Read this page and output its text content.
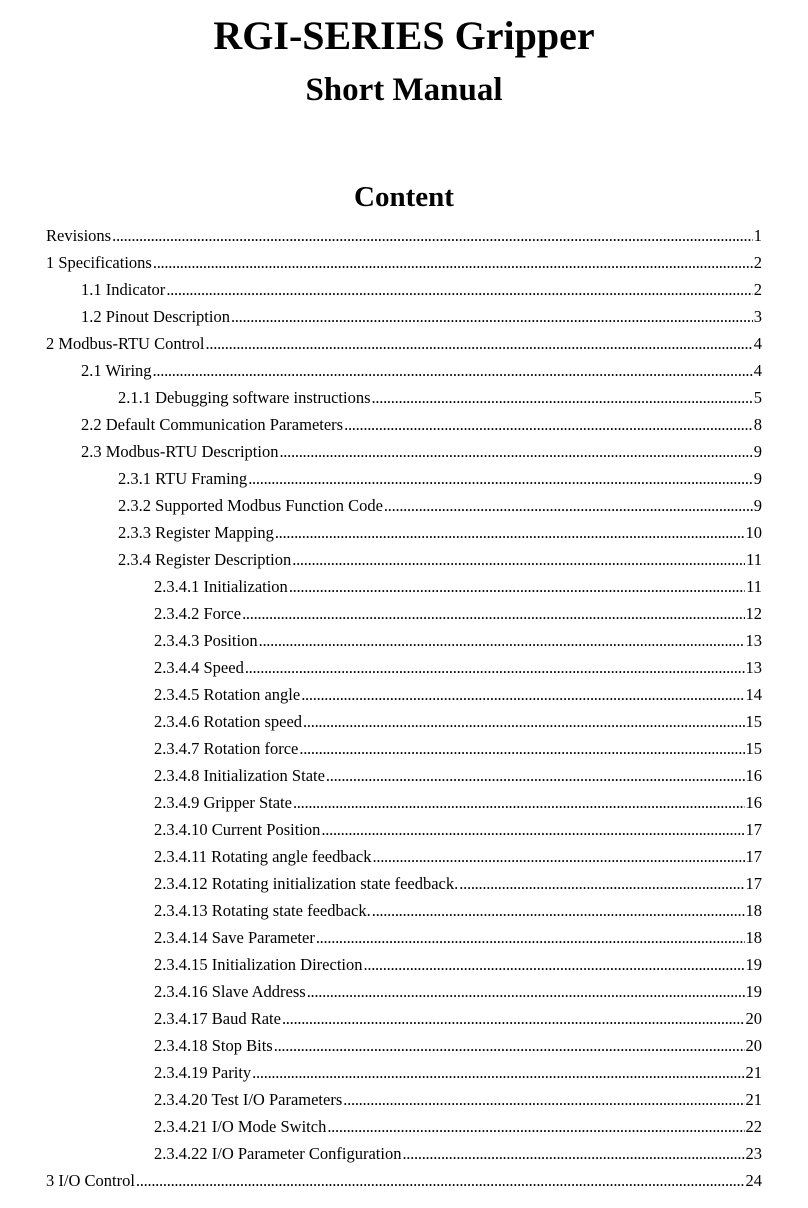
RGI-SERIES Gripper
Short Manual
Content
Revisions . . .	1
1 Specifications . . .	2
1.1 Indicator . . .	2
1.2 Pinout Description . . .	3
2 Modbus-RTU Control . . .	4
2.1 Wiring . . .	4
2.1.1 Debugging software instructions . . .	5
2.2 Default Communication Parameters . . .	8
2.3 Modbus-RTU Description . . .	9
2.3.1 RTU Framing . . .	9
2.3.2 Supported Modbus Function Code . . .	9
2.3.3 Register Mapping . . .	10
2.3.4 Register Description . . .	11
2.3.4.1 Initialization . . .	11
2.3.4.2 Force . . .	12
2.3.4.3 Position . . .	13
2.3.4.4 Speed . . .	13
2.3.4.5 Rotation angle . . .	14
2.3.4.6 Rotation speed . . .	15
2.3.4.7 Rotation force . . .	15
2.3.4.8 Initialization State . . .	16
2.3.4.9 Gripper State . . .	16
2.3.4.10 Current Position . . .	17
2.3.4.11 Rotating angle feedback . . .	17
2.3.4.12 Rotating initialization state feedback. . . .	17
2.3.4.13 Rotating state feedback. . . .	18
2.3.4.14 Save Parameter . . .	18
2.3.4.15 Initialization Direction . . .	19
2.3.4.16 Slave Address . . .	19
2.3.4.17 Baud Rate . . .	20
2.3.4.18 Stop Bits . . .	20
2.3.4.19 Parity . . .	21
2.3.4.20 Test I/O Parameters . . .	21
2.3.4.21 I/O Mode Switch . . .	22
2.3.4.22 I/O Parameter Configuration . . .	23
3 I/O Control . . .	24
